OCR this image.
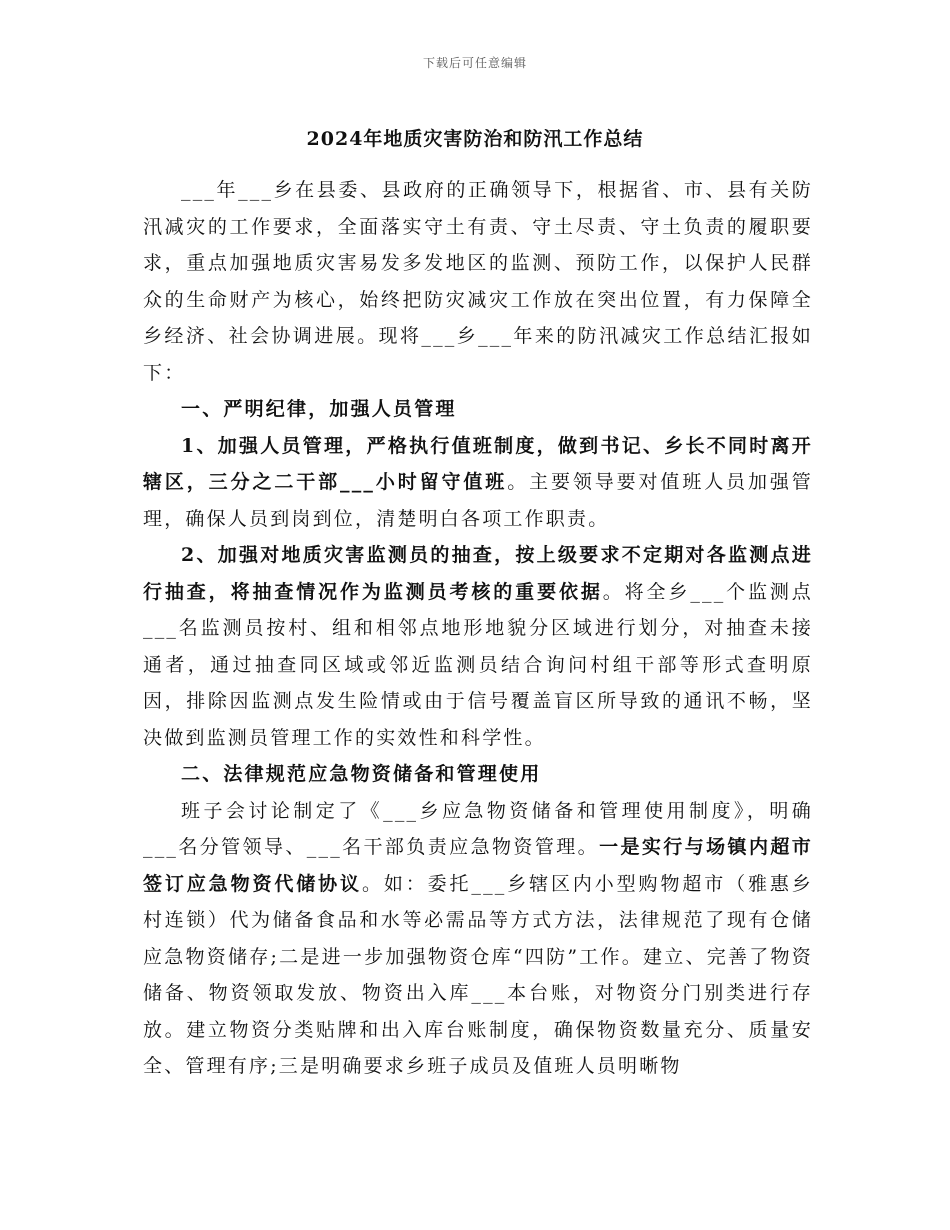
下载后可任意编辑
2024年地质灾害防治和防汛工作总结

___年___乡在县委、县政府的正确领导下，根据省、市、县有关防汛减灾的工作要求，全面落实守土有责、守土尽责、守土负责的履职要求，重点加强地质灾害易发多发地区的监测、预防工作，以保护人民群众的生命财产为核心，始终把防灾减灾工作放在突出位置，有力保障全乡经济、社会协调进展。现将___乡___年来的防汛减灾工作总结汇报如下：

一、严明纪律，加强人员管理

1、加强人员管理，严格执行值班制度，做到书记、乡长不同时离开辖区，三分之二干部___小时留守值班。主要领导要对值班人员加强管理，确保人员到岗到位，清楚明白各项工作职责。

2、加强对地质灾害监测员的抽查，按上级要求不定期对各监测点进行抽查，将抽查情况作为监测员考核的重要依据。将全乡___个监测点___名监测员按村、组和相邻点地形地貌分区域进行划分，对抽查未接通者，通过抽查同区域或邻近监测员结合询问村组干部等形式查明原因，排除因监测点发生险情或由于信号覆盖盲区所导致的通讯不畅，坚决做到监测员管理工作的实效性和科学性。

二、法律规范应急物资储备和管理使用

班子会讨论制定了《___乡应急物资储备和管理使用制度》，明确___名分管领导、___名干部负责应急物资管理。一是实行与场镇内超市签订应急物资代储协议。如：委托___乡辖区内小型购物超市（雅惠乡村连锁）代为储备食品和水等必需品等方式方法，法律规范了现有仓储应急物资储存;二是进一步加强物资仓库“四防”工作。建立、完善了物资储备、物资领取发放、物资出入库___本台账，对物资分门别类进行存放。建立物资分类贴牌和出入库台账制度，确保物资数量充分、质量安全、管理有序;三是明确要求乡班子成员及值班人员明晰物
